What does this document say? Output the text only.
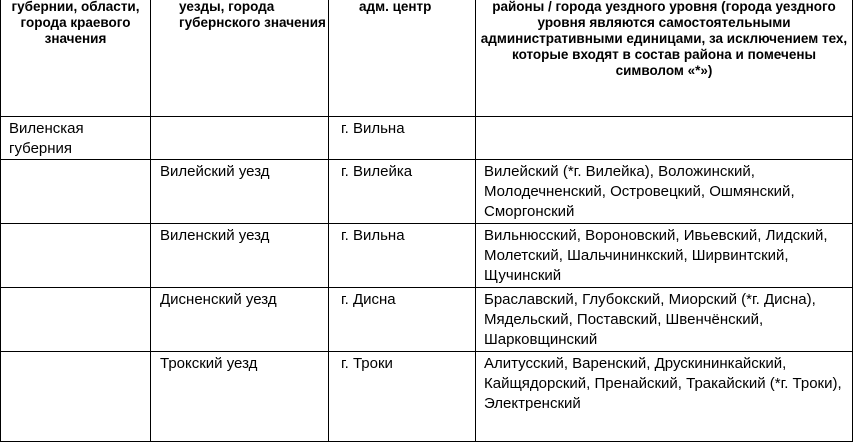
губернии, области, города краевого значения	уезды, города губернского значения	адм. центр	районы / города уездного уровня (города уездного уровня являются самостоятельными административными единицами, за исключением тех, которые входят в состав района и помечены символом «*»)

Виленская губерния		г. Вильна	

	Вилейский уезд	г. Вилейка	Вилейский (*г. Вилейка), Воложинский, Молодечненский, Островецкий, Ошмянский, Сморгонский

	Виленский уезд	г. Вильна	Вильнюсский, Вороновский, Ивьевский, Лидский, Молетский, Шальчининкский, Ширвинтский, Щучинский

	Дисненский уезд	г. Дисна	Браславский, Глубокский, Миорский (*г. Дисна), Мядельский, Поставский, Швенчёнский, Шарковщинский

	Трокский уезд	г. Троки	Алитусский, Варенский, Друскининкайский, Кайщядорский, Пренайский, Тракайский (*г. Троки), Электренский
